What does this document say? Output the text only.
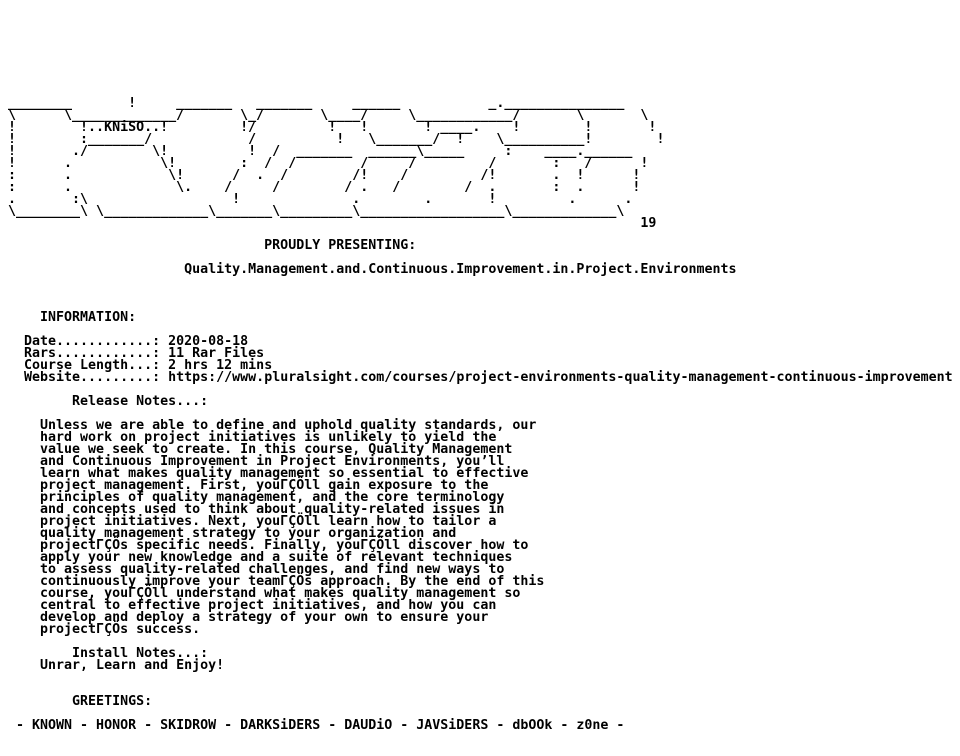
________       !     _______   _______     ______           _._______________
\      \_____________/       \_/       \____/     \____________/       \       \
!        !..KNiSO..!         !/         !   !       ! ____.    !        !       !
!        :_______/            /          !   \_______/  !    \__________!        !
!       ./        \!          !  /  _______  ______\_____     :    ____.______
!      .           \!        :  /  /        /     /         /       :   /      !
:      .            \!      /  .  /        /!    /         /!       .  !      !
:      .             \.    /     /        / .   /        /  .       :  .      !
.       :\                  !              .        .       !         .      .
\________\ \_____________\_______\_________\__________________\_____________\
19
PROUDLY PRESENTING:
Quality.Management.and.Continuous.Improvement.in.Project.Environments
INFORMATION:
Date............: 2020-08-18
Rars............: 11 Rar Files
Course Length...: 2 hrs 12 mins
Website.........: https://www.pluralsight.com/courses/project-environments-quality-management-continuous-improvement
Release Notes...:
Unless we are able to define and uphold quality standards, our
hard work on project initiatives is unlikely to yield the
value we seek to create. In this course, Quality Management
and Continuous Improvement in Project Environments, you’ll
learn what makes quality management so essential to effective
project management. First, youΓÇÖll gain exposure to the
principles of quality management, and the core terminology
and concepts used to think about quality-related issues in
project initiatives. Next, youΓÇÖll learn how to tailor a
quality management strategy to your organization and
projectΓÇÖs specific needs. Finally, youΓÇÖll discover how to
apply your new knowledge and a suite of relevant techniques
to assess quality-related challenges, and find new ways to
continuously improve your teamΓÇÖs approach. By the end of this
course, youΓÇÖll understand what makes quality management so
central to effective project initiatives, and how you can
develop and deploy a strategy of your own to ensure your
projectΓÇÖs success.
Install Notes...:
Unrar, Learn and Enjoy!
GREETINGS:
- KNOWN - HONOR - SKIDROW - DARKSiDERS - DAUDiO - JAVSiDERS - dbOOk - z0ne -
